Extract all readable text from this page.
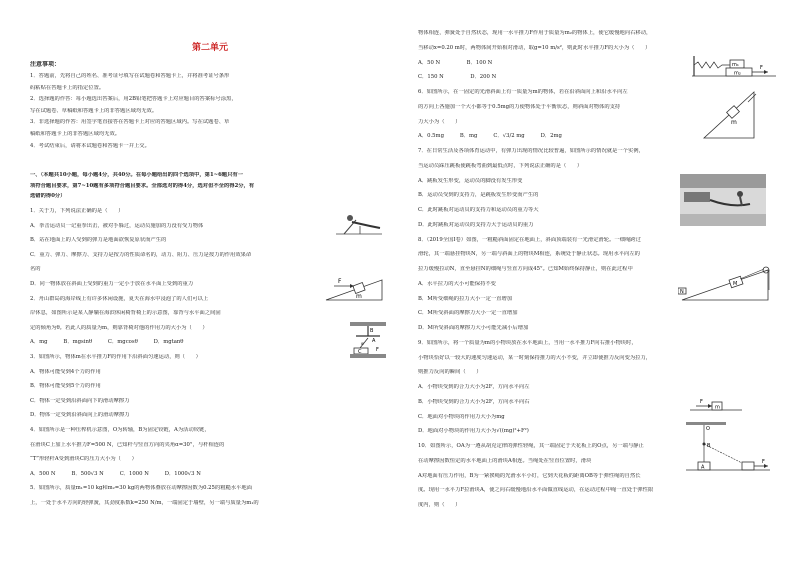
第二单元
注意事项：
1．答题前，先将自己的姓名、准考证号填写在试题卷和答题卡上，并将准考证号条形
码粘贴在答题卡上的指定位置。
2．选择题的作答：每小题选出答案后，用2B铅笔把答题卡上对应题目的答案标号涂黑，
写在试题卷、草稿纸和答题卡上的非答题区域均无效。
3．非选择题的作答：用签字笔直接答在答题卡上对应的答题区域内。写在试题卷、草
稿纸和答题卡上的非答题区域均无效。
4．考试结束后，请将本试题卷和答题卡一并上交。
一、（本题共10小题，每小题4分，共40分。在每小题给出的四个选项中，第1~6题只有一
项符合题目要求，第7~10题有多项符合题目要求。全部选对的得4分，选对但不全的得2分，有
选错的得0分）
1．关于力，下列说法正确的是（　　）
A．拳击运动员一记重拳出击，被对手躲过，运动员施加的力没有受力物体
B．站在地面上的人受到的弹力是地面欲恢复原状而产生的
C．重力、弹力、摩擦力、支持力是按力的性质命名的，动力、阻力、压力是按力的作用效果命
名的
D．同一物体放在斜面上受到的重力一定小于放在水平面上受到的重力
2．舟山群岛的海岸线上有许多休闲设施，夏天在海水中浸泡了的人们可以上
岸休息，如图所示是某人静躺在海滨休闲椅背椅上的示意图，靠背与水平面之间固
定的倾角为θ。若此人的质量为m，则靠背椅对他的作用力的大小为（　　）
A．mg　　　B．mgsinθ　　　C．mgcosθ　　　D．mgtanθ
3．如图所示，物体m在水平推力F的作用下沿斜面匀速运动，则（　　）
A．物体可能受到4个力的作用
B．物体可能受到5个力的作用
C．物体一定受到沿斜面向下的滑动摩擦力
D．物体一定受到沿斜面向上的滑动摩擦力
4．如图所示是一种压榨机示意图，O为转轴，B为固定铰链，A为活动铰链，
在滑块C上加上水平推力F=500 N，已知杆与竖直方向的夹角α=30°，与杆相连的
“T”形轻杆A受到滑块C的压力大小为（　　）
A．500 N　　　B．500√3 N　　　C．1000 N　　　D．1000√3 N
5．如图所示，质量m₁=10 kg和m₂=30 kg的两物体叠放在动摩擦因数为0.25的粗糙水平地面
上，一处于水平方向的轻弹簧，其劲度系数k=250 N/m，一端固定于墙壁，另一端与质量为m₁的
F
m
B
A
C	F
α
物体相连，弹簧处于自然状态，现用一水平推力F作用于质量为m₂的物体上，使它缓慢地向右移动，
当移动x=0.20 m时，两物体间开始相对滑动，取g=10 m/s²，则此时水平推力F的大小为（　　）
A．50 N　　　　　B．100 N
C．150 N　　　　　D．200 N
6．如图所示，在一固定的光滑斜面上有一质量为m的物体，若在沿斜面向上和沿水平向左
的方向上各施加一个大小都等于0.5mg的力使物体处于平衡状态，则斜面对物体的支持
力大小为（　　）
A．0.5mg　　　B．mg　　　C．√3/2 mg　　　D．2mg
7．在日常生活及各项体育运动中，有弹力出现的情况比较普遍，如图所示的情况就是一个实例，
当运动员踩压跳板使跳板弯曲到最低点时，下列说法正确的是（　　）
A．跳板发生形变，运动员的脚没有发生形变
B．运动员受到的支持力，是跳板发生形变而产生的
C．此时跳板对运动员的支持力和运动员的重力等大
D．此时跳板对运动员的支持力大于运动员的重力
8．（2019全国I卷）如图，一粗糙斜面固定在地面上，斜面顶端装有一光滑定滑轮。一细绳跨过
滑轮，其一端悬挂物块N，另一端与斜面上的物块M相连，系统处于静止状态。现用水平向左的
拉力缓慢拉动N，直至悬挂N的细绳与竖直方向成45°。已知M始终保持静止，则在此过程中
A．水平拉力的大小可能保持不变
B．M所受细绳的拉力大小一定一直增加
C．M所受斜面的摩擦力大小一定一直增加
D．M所受斜面的摩擦力大小可能先减小后增加
9．如图所示，将一个质量为m的小物块放在水平地面上，当用一水平推力F向右推小物块时，
小物块恰好以一较大的速度匀速运动，某一时刻保持推力的大小不变，并立即使推力反向变为拉力，
则推力反向的瞬间（　　）
A．小物块受到的合力大小为2F，方向水平向左
B．小物块受到的合力大小为2F，方向水平向右
C．地面对小物块的作用力大小为mg
D．地面对小物块的作用力大小为√((mg)²+F²)
10．如图所示，OA为一遵从胡克定律的弹性轻绳，其一端固定于天花板上的O点，另一端与静止
在动摩擦因数恒定的水平地面上的滑块A相连。当绳处在竖直位置时，滑块
A对地面有压力作用，B为一紧挨绳的光滑水平小钉，它到天花板的距离OB等于弹性绳的自然长
度。现用一水平力F拉滑块A，使之向右缓慢地沿水平面做直线运动，在运动过程中绳一直处于弹性限
度内，则（　　）
m₁
m₂
F
m
M
N
F
m
O
B
A
F
